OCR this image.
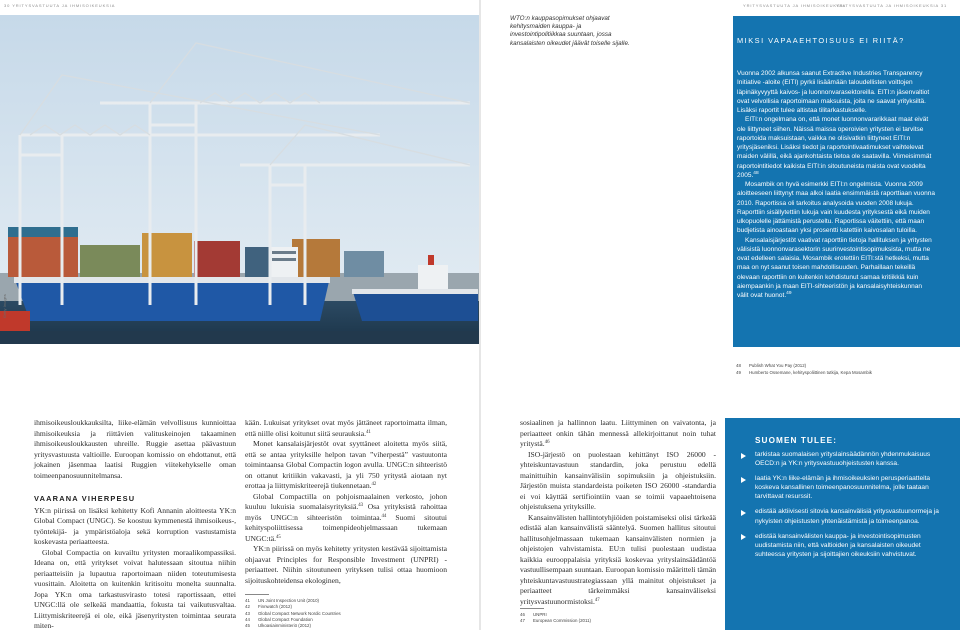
30 YRITYSVASTUUTA JA IHMISOIKEUKSIA
Getty Images

ihmisoikeusloukkauksilta, liike-elämän velvollisuus kunnioittaa ihmisoikeuksia ja riittävien valituskeinojen takaaminen ihmisoikeusloukkausten uhreille. Ruggie asettaa päävastuun yritysvastuusta valtioille. Euroopan komissio on ehdottanut, että jokainen jäsenmaa laatisi Ruggien viitekehykselle oman toimeenpanosuunnitelmansa.

VAARANA VIHERPESU

YK:n piirissä on lisäksi kehitetty Kofi Annanin aloitteesta YK:n Global Compact (UNGC). Se koostuu kymmenestä ihmisoikeus-, työntekijä- ja ympäristöaloja sekä korruption vastustamista koskevasta periaatteesta.

Global Compactia on kuvailtu yritysten moraalikompassiksi. Ideana on, että yritykset voivat halutessaan sitoutua niihin periaatteisiin ja lupautua raportoimaan niiden toteutumisesta vuosittain. Aloitetta on kuitenkin kritisoitu monelta suunnalta. Jopa YK:n oma tarkastusvirasto totesi raportissaan, ettei UNGC:llä ole selkeää mandaattia, fokusta tai vaikutusvaltaa. Liittymiskriteerejä ei ole, eikä jäsenyritysten toimintaa seurata miten-

kään. Lukuisat yritykset ovat myös jättäneet raportoimatta ilman, että niille olisi koitunut siitä seurauksia.$^{41}$

Monet kansalaisjärjestöt ovat syyttäneet aloitetta myös siitä, että se antaa yrityksille helpon tavan ”viherpestä” vastuutonta toimintaansa Global Compactin logon avulla. UNGC:n sihteeristö on ottanut kritiikin vakavasti, ja yli 750 yritystä aiotaan nyt erottaa ja liittymiskriteerejä tiukennetaan.$^{42}$

Global Compactilla on pohjoismaalainen verkosto, johon kuuluu lukuisia suomalaisyrityksiä.$^{43}$ Osa yrityksistä rahoittaa myös UNGC:n sihteeristön toimintaa.$^{44}$ Suomi sitoutui kehityspoliittisessa toimenpideohjelmassaan tukemaan UNGC:tä.$^{45}$

YK:n piirissä on myös kehitetty yritysten kestävää sijoittamista ohjaavat Principles for Responsible Investment (UNPRI) -periaatteet. Niihin sitoutuneen yrityksen tulisi ottaa huomioon sijoituskohteidensa ekologinen,

41 UN Joint Inspection Unit (2010)
42 Finnwatch (2012)
43 Global Compact Network Nordic Countries
44 Global Compact Foundation
45 Ulkoasiainministeriö (2012)
YRITYSVASTUUTA JA IHMISOIKEUKSIA
YRITYSVASTUUTA JA IHMISOIKEUKSIA 31
WTO:n kauppasopimukset ohjaavat kehitysmaiden kauppa- ja investointipolitiikkaa suuntaan, jossa kansalaisten oikeudet jäävät toiselle sijalle.	MIKSI VAPAAEHTOISUUS EI RIITÄ?

Vuonna 2002 alkunsa saanut Extractive Industries Transparency Initiative -aloite (EITI) pyrkii lisäämään taloudellisten voittojen läpinäkyvyyttä kaivos- ja luonnonvarasektoreilla. EITI:n jäsenvaltiot ovat velvollisia raportoimaan maksuista, joita ne saavat yrityksiltä. Lisäksi raportit tulee altistaa tilitarkastukselle.

EITI:n ongelmana on, että monet luonnonvararikkaat maat eivät ole liittyneet siihen. Näissä maissa operoivien yritysten ei tarvitse raportoida maksuistaan, vaikka ne olisivatkin liittyneet EITI:n yritysjäseniksi. Lisäksi tiedot ja raportointivaatimukset vaihtelevat maiden välillä, eikä ajankohtaista tietoa ole saatavilla. Viimeisimmät raportointitiedot kaikista EITI:in sitoutuneista maista ovat vuodelta 2005.48

Mosambik on hyvä esimerkki EITI:n ongelmista. Vuonna 2009 aloitteeseen liittynyt maa alkoi laatia ensimmäistä raporttiaan vuonna 2010. Raportissa oli tarkoitus analysoida vuoden 2008 lukuja. Raporttiin sisällytettiin lukuja vain kuudesta yrityksestä eikä muiden ulkopuolelle jättämistä perusteltu. Raportissa väitettiin, että maan budjetista ainoastaan yksi prosentti katettiin kaivosalan tuloilla.

Kansalaisjärjestöt vaativat raporttiin tietoja hallituksen ja yritysten välisistä luonnonvarasektorin suurinvestointisopimuksista, mutta ne ovat edelleen salaisia. Mosambik erotettiin EITI:stä hetkeksi, mutta maa on nyt saanut toisen mahdollisuuden. Parhaillaan tekeillä olevaan raporttiin on kuitenkin kohdistunut samaa kritiikkiä kuin aiempaankin ja maan EITI-sihteeristön ja kansalaisyhteiskunnan välit ovat huonot.$^{49}$

48 Publish What You Pay (2012)
49 Humberto Ossemane, kehityspoliittinen tutkija, Kepa Mosambik

sosiaalinen ja hallinnon laatu. Liittyminen on vaivatonta, ja periaatteet onkin tähän mennessä allekirjoittanut noin tuhat yritystä.$^{46}$

ISO-järjestö on puolestaan kehittänyt ISO 26000 -yhteiskuntavastuun standardin, joka perustuu edellä mainittuihin kansainvälisiin sopimuksiin ja ohjeistuksiin. Järjestön muista standardeista poiketen ISO 26000 -standardia ei voi käyttää sertifiointiin vaan se toimii vapaaehtoisena ohjeistuksena yrityksille.

Kansainvälisten hallintotyhjiöiden poistamiseksi olisi tärkeää edistää alan kansainvälistä sääntelyä. Suomen hallitus sitoutui hallitusohjelmassaan tukemaan kansainvälisten normien ja ohjeistojen vahvistamista. EU:n tulisi puolestaan uudistaa kaikkia eurooppalaisia yrityksiä koskevaa yrityslainsäädäntöä vastuullisempaan suuntaan. Euroopan komissio määritteli tämän yhteiskuntavastuustrategiassaan yllä mainitut ohjeistukset ja periaatteet tärkeimmäksi kansainväliseksi yritysvastuunormistoksi.$^{47}$

46 UNPRI
47 European Commission (2011)
SUOMEN TULEE:
tarkistaa suomalaisen yrityslainsäädännön yhdenmukaisuus OECD:n ja YK:n yritysvastuuohjeistusten kanssa.
laatia YK:n liike-elämän ja ihmisoikeuksien perusperiaatteita koskeva kansallinen toimeenpanosuunnitelma, jolle taataan tarvittavat resurssit.
edistää aktiivisesti sitovia kansainvälisiä yritysvastuunormeja ja nykyisten ohjeistusten yhtenäistämistä ja toimeenpanoa.
edistää kansainvälisten kauppa- ja investointisopimusten uudistamista niin, että valtioiden ja kansalaisten oikeudet suhteessa yritysten ja sijoittajien oikeuksiin vahvistuvat.
